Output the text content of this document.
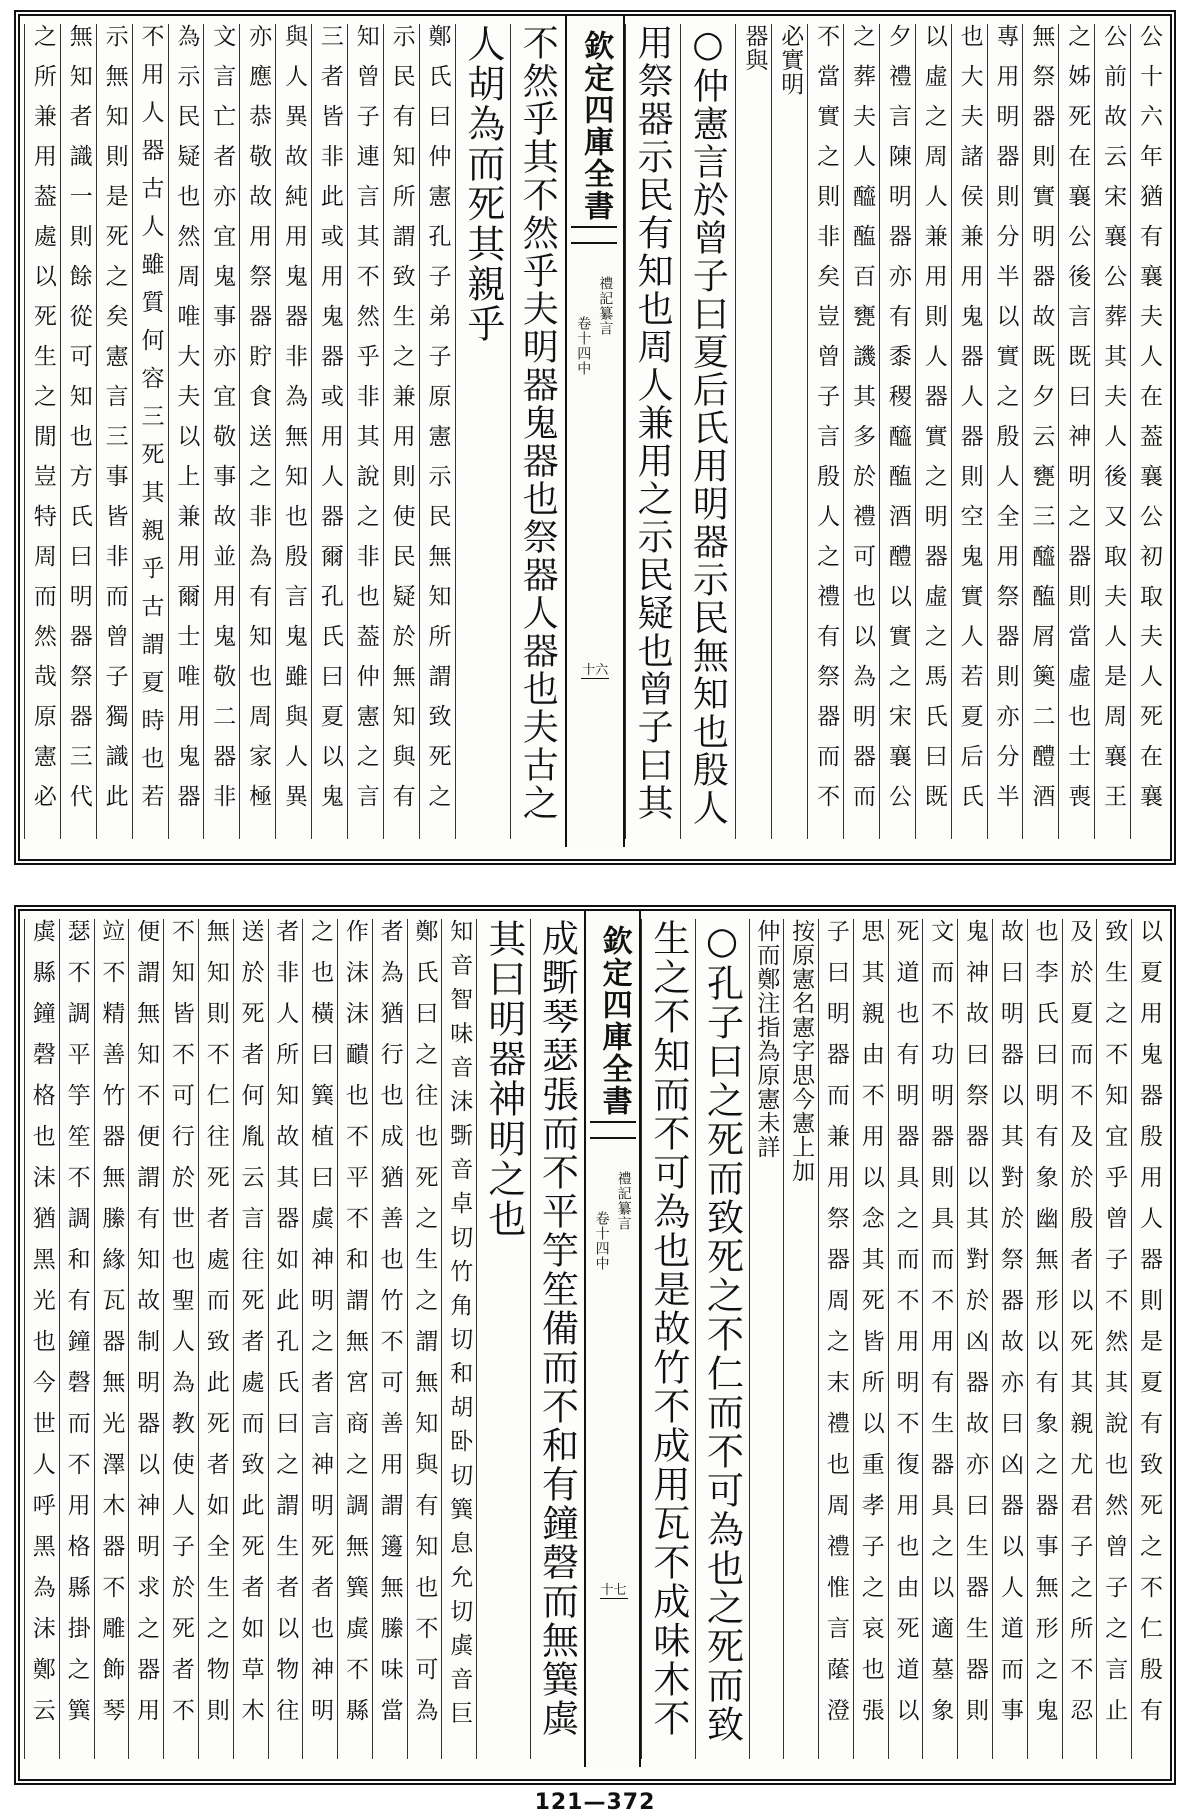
公十六年猶有襄夫人在葢襄公初取夫人死在襄
公前故云宋襄公葬其夫人後又取夫人是周襄王
之姊死在襄公後言既曰神明之器則當虛也士喪
無祭器則實明器故既夕云甕三醯醢屑䉛二醴酒
專用明器則分半以實之殷人全用祭器則亦分半
也大夫諸侯兼用鬼器人器則空鬼實人若夏后氏
以虛之周人兼用則人器實之明器虛之馬氏曰既
夕禮言陳明器亦有黍稷醯醢酒醴以實之宋襄公
之葬夫人醯醢百甕譏其多於禮可也以為明器而
不當實之則非矣豈曾子言殷人之禮有祭器而不
必實明
器與
○仲憲言於曾子曰夏后氏用明器示民無知也殷人
用祭器示民有知也周人兼用之示民疑也曾子曰其
欽定四庫全書
禮記纂言
卷十四中
十六
不然乎其不然乎夫明器鬼器也祭器人器也夫古之
人胡為而死其親乎
鄭氏曰仲憲孔子弟子原憲示民無知所謂致死之
示民有知所謂致生之兼用則使民疑於無知與有
知曾子連言其不然乎非其說之非也葢仲憲之言
三者皆非此或用鬼器或用人器爾孔氏曰夏以鬼
與人異故純用鬼器非為無知也殷言鬼雖與人異
亦應恭敬故用祭器貯食送之非為有知也周家極
文言亡者亦宜鬼事亦宜敬事故並用鬼敬二器非
為示民疑也然周唯大夫以上兼用爾士唯用鬼器
不用人器古人雖質何容三死其親乎古謂夏時也若
示無知則是死之矣憲言三事皆非而曾子獨識此
無知者識一則餘從可知也方氏曰明器祭器三代
之所兼用葢處以死生之閒豈特周而然哉原憲必
以夏用鬼器殷用人器則是夏有致死之不仁殷有
致生之不知宜乎曾子不然其說也然曾子之言止
及於夏而不及於殷者以死其親尤君子之所不忍
也李氏曰明有象幽無形以有象之器事無形之鬼
故曰明器以其對於祭器故亦曰凶器以人道而事
鬼神故曰祭器以其對於凶器故亦曰生器生器則
文而不功明器則具而不用有生器具之以適墓象
死道也有明器具之而不用明不復用也由死道以
思其親由不用以念其死皆所以重孝子之哀也張
子曰明器而兼用祭器周之末禮也周禮惟言䕃澄
按原憲名憲字思今憲上加
仲而鄭注指為原憲未詳
○孔子曰之死而致死之不仁而不可為也之死而致
生之不知而不可為也是故竹不成用瓦不成味木不
欽定四庫全書
禮記纂言
卷十四中
十七
成斲琴瑟張而不平竽笙備而不和有鐘磬而無簨虡
其曰明器神明之也
知音智味音沫斲音卓切竹角切和胡卧切簨息允切虡音巨
鄭氏曰之往也死之生之謂無知與有知也不可為
者為猶行也成猶善也竹不可善用謂籩無縢味當
作沫沫靧也不平不和謂無宮商之調無簨虡不縣
之也橫曰簨植曰虡神明之者言神明死者也神明
者非人所知故其器如此孔氏曰之謂生者以物往
送於死者何胤云言往死者處而致此死者如草木
無知則不仁往死者處而致此死者如全生之物則
不知皆不可行於世也聖人為教使人子於死者不
便謂無知不便謂有知故制明器以神明求之器用
竝不精善竹器無縢緣瓦器無光澤木器不雕飾琴
瑟不調平竽笙不調和有鐘磬而不用格縣掛之簨
虡縣鐘磬格也沫猶黑光也今世人呼黑為沫鄭云
121—372
